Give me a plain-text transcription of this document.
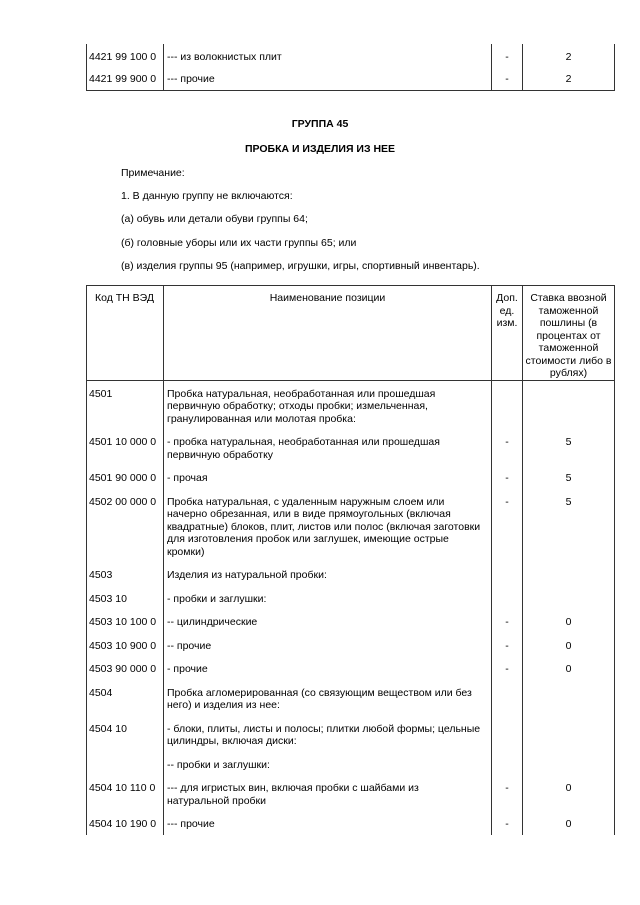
4421 99 100 0	--- из волокнистых плит	-	2
4421 99 900 0	--- прочие	-	2
ГРУППА 45
ПРОБКА И ИЗДЕЛИЯ ИЗ НЕЕ
Примечание:
1. В данную группу не включаются:
(а) обувь или детали обуви группы 64;
(б) головные уборы или их части группы 65; или
(в) изделия группы 95 (например, игрушки, игры, спортивный инвентарь).
Код ТН ВЭД	Наименование позиции	Доп. ед. изм.	Ставка ввозной таможенной пошлины (в процентах от таможенной стоимости либо в рублях)
4501	Пробка натуральная, необработанная или прошедшая первичную обработку; отходы пробки; измельченная, гранулированная или молотая пробка:		
4501 10 000 0	- пробка натуральная, необработанная или прошедшая первичную обработку	-	5
4501 90 000 0	- прочая	-	5
4502 00 000 0	Пробка натуральная, с удаленным наружным слоем или начерно обрезанная, или в виде прямоугольных (включая квадратные) блоков, плит, листов или полос (включая заготовки для изготовления пробок или заглушек, имеющие острые кромки)	-	5
4503	Изделия из натуральной пробки:		
4503 10	- пробки и заглушки:		
4503 10 100 0	-- цилиндрические	-	0
4503 10 900 0	-- прочие	-	0
4503 90 000 0	- прочие	-	0
4504	Пробка агломерированная (со связующим веществом или без него) и изделия из нее:		
4504 10	- блоки, плиты, листы и полосы; плитки любой формы; цельные цилиндры, включая диски:		
	-- пробки и заглушки:		
4504 10 110 0	--- для игристых вин, включая пробки с шайбами из натуральной пробки	-	0
4504 10 190 0	--- прочие	-	0
